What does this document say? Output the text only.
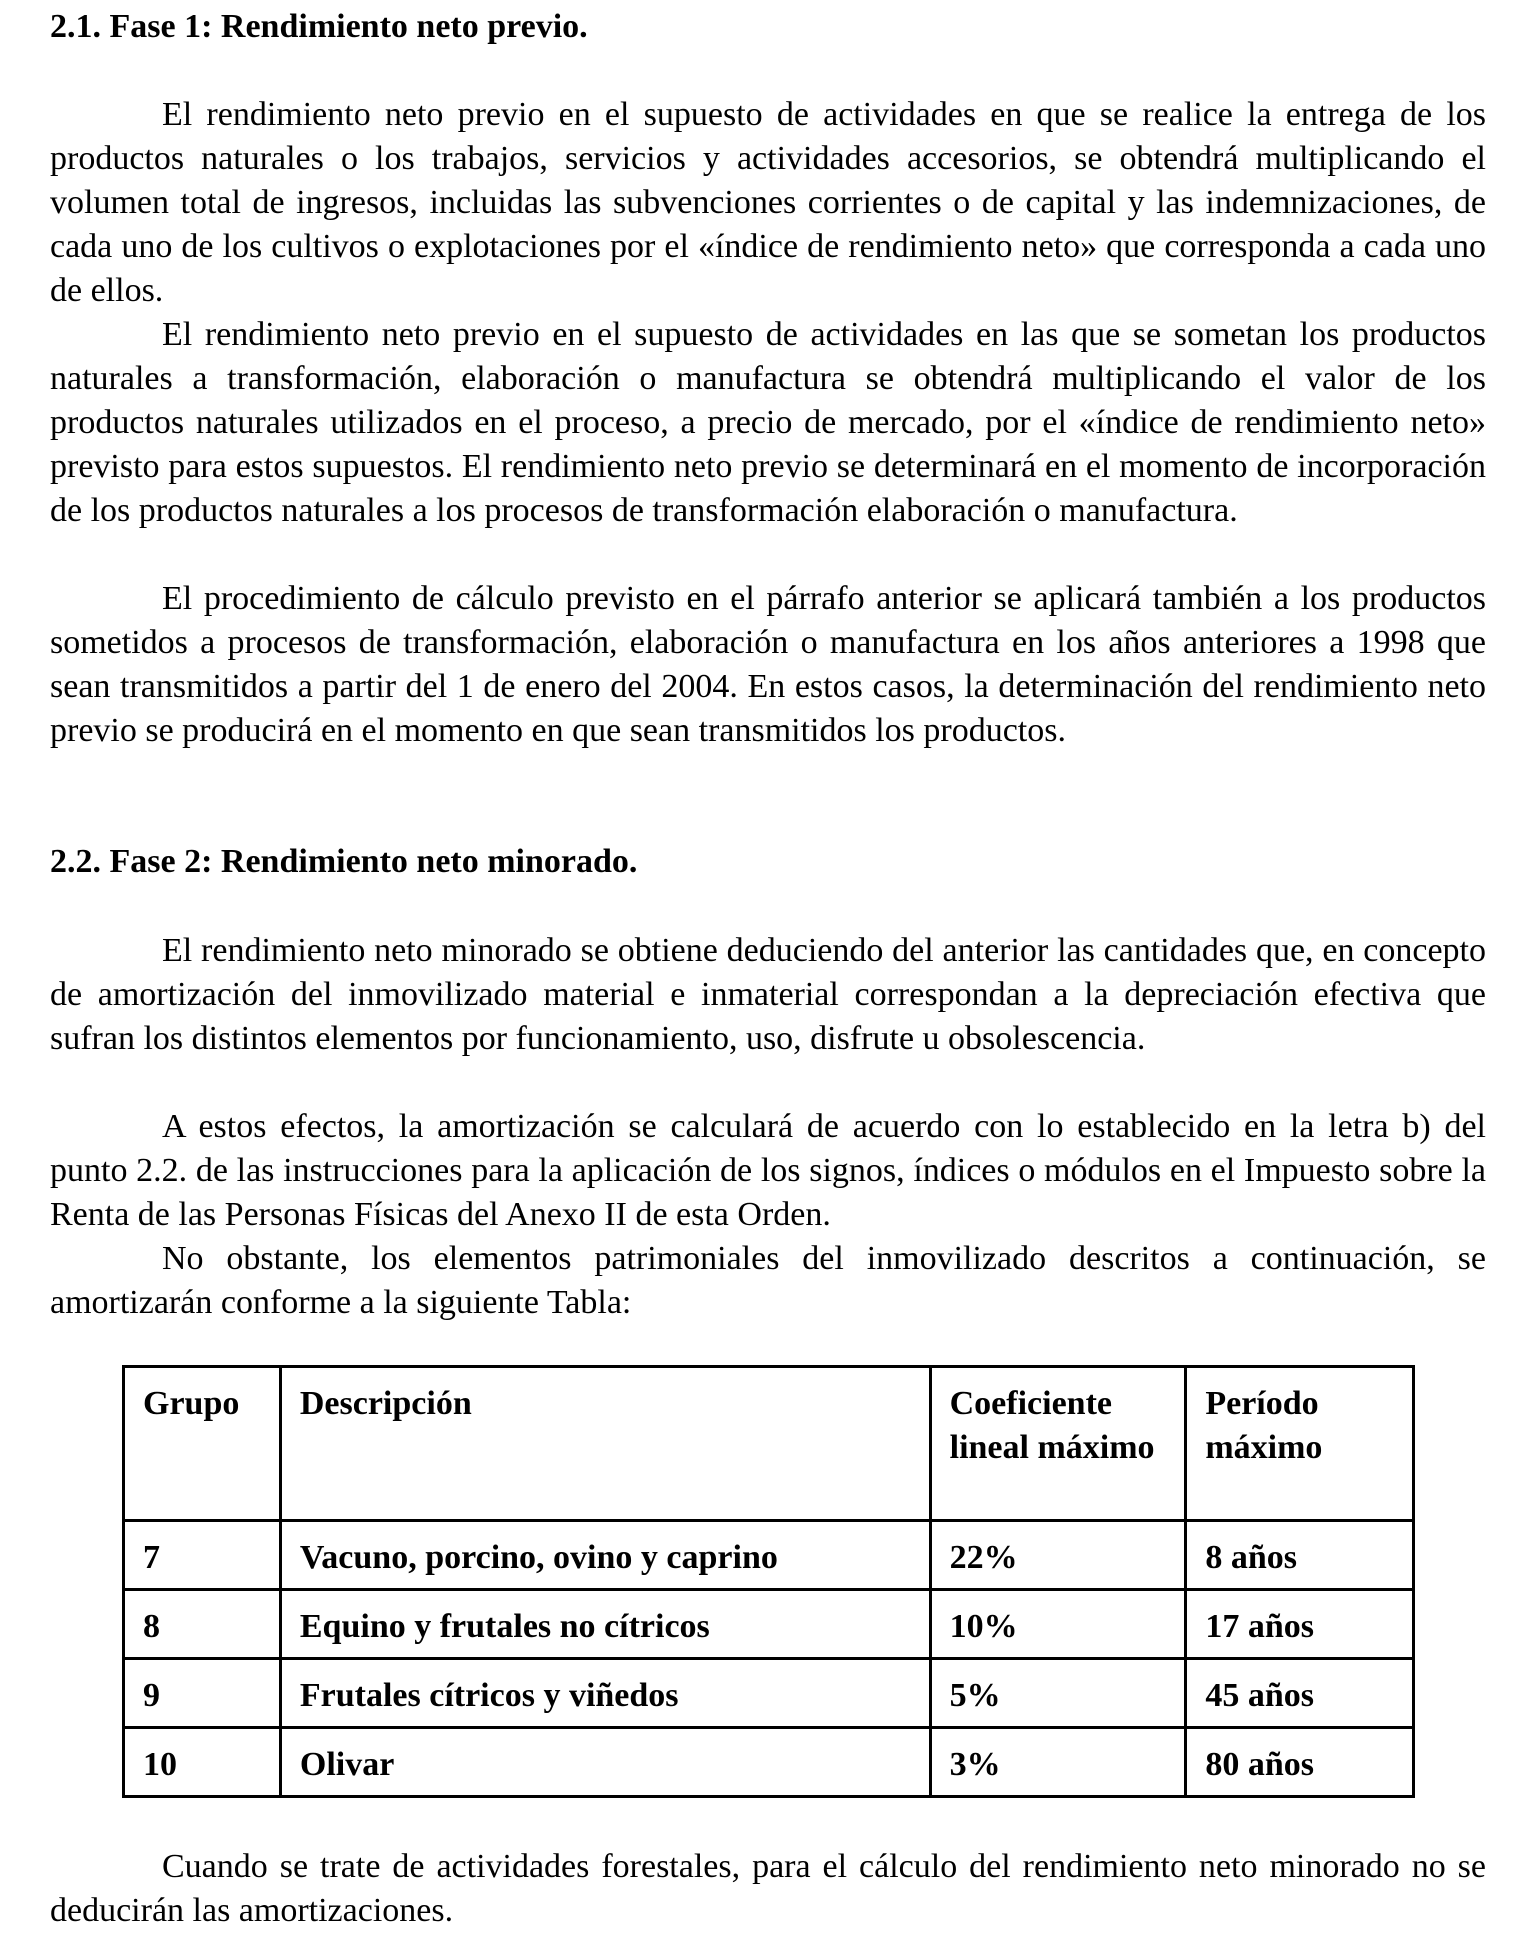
2.1. Fase 1: Rendimiento neto previo.

El rendimiento neto previo en el supuesto de actividades en que se realice la entrega de los productos naturales o los trabajos, servicios y actividades accesorios, se obtendrá multiplicando el volumen total de ingresos, incluidas las subvenciones corrientes o de capital y las indemnizaciones, de cada uno de los cultivos o explotaciones por el «índice de rendimiento neto» que corresponda a cada uno de ellos.

El rendimiento neto previo en el supuesto de actividades en las que se sometan los productos naturales a transformación, elaboración o manufactura se obtendrá multiplicando el valor de los productos naturales utilizados en el proceso, a precio de mercado, por el «índice de rendimiento neto» previsto para estos supuestos. El rendimiento neto previo se determinará en el momento de incorporación de los productos naturales a los procesos de transformación elaboración o manufactura.

El procedimiento de cálculo previsto en el párrafo anterior se aplicará también a los productos sometidos a procesos de transformación, elaboración o manufactura en los años anteriores a 1998 que sean transmitidos a partir del 1 de enero del 2004. En estos casos, la determinación del rendimiento neto previo se producirá en el momento en que sean transmitidos los productos.

2.2. Fase 2: Rendimiento neto minorado.

El rendimiento neto minorado se obtiene deduciendo del anterior las cantidades que, en concepto de amortización del inmovilizado material e inmaterial correspondan a la depreciación efectiva que sufran los distintos elementos por funcionamiento, uso, disfrute u obsolescencia.

A estos efectos, la amortización se calculará de acuerdo con lo establecido en la letra b) del punto 2.2. de las instrucciones para la aplicación de los signos, índices o módulos en el Impuesto sobre la Renta de las Personas Físicas del Anexo II de esta Orden.

No obstante, los elementos patrimoniales del inmovilizado descritos a continuación, se amortizarán conforme a la siguiente Tabla:

Grupo	Descripción	Coeficiente lineal máximo	Período máximo
7	Vacuno, porcino, ovino y caprino	22%	8 años
8	Equino y frutales no cítricos	10%	17 años
9	Frutales cítricos y viñedos	5%	45 años
10	Olivar	3%	80 años

Cuando se trate de actividades forestales, para el cálculo del rendimiento neto minorado no se deducirán las amortizaciones.
